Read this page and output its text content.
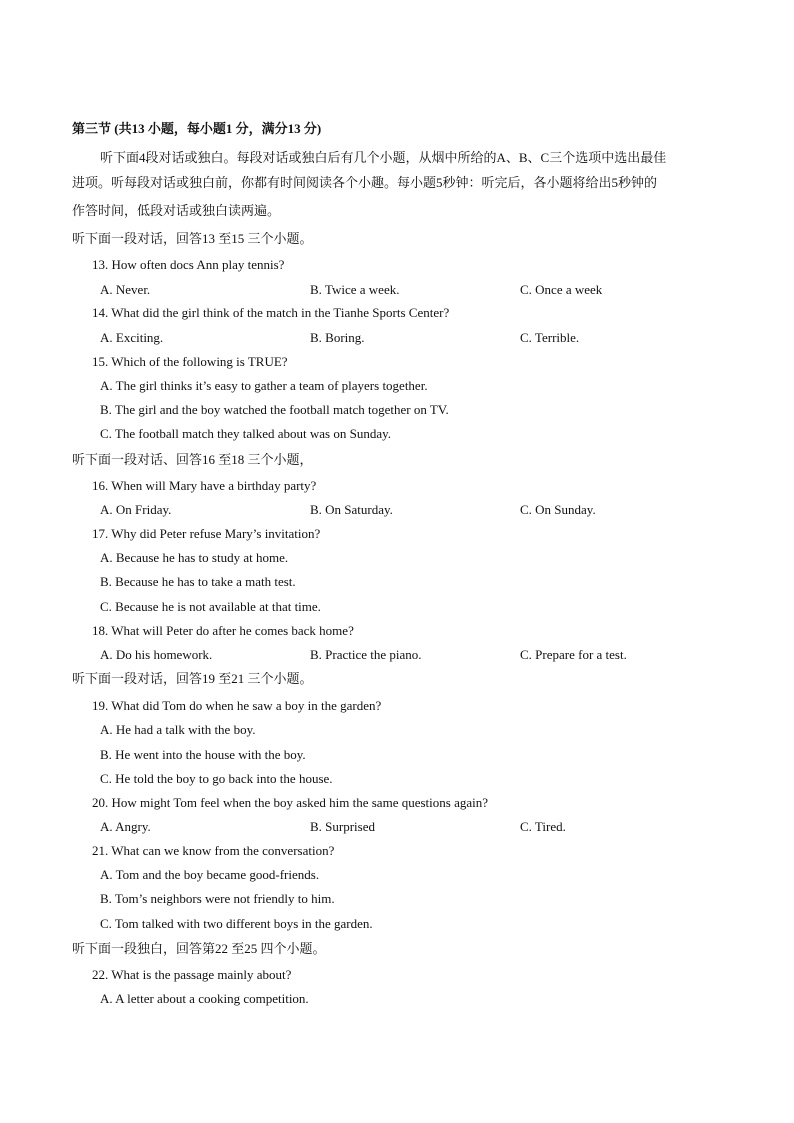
第三节 (共13 小题，每小题1 分，满分13 分)
听下面4段对话或独白。每段对话或独白后有几个小题，从烟中所给的A、B、C三个选项中选出最佳
进项。听每段对话或独白前，你都有时间阅读各个小趣。每小题5秒钟：听完后，各小题将给出5秒钟的
作答时间，低段对话或独白读两遍。
听下面一段对话，回答13 至15 三个小题。
13. How often docs Ann play tennis?
A. Never.	B. Twice a week.	C. Once a week
14. What did the girl think of the match in the Tianhe Sports Center?
A. Exciting.	B. Boring.	C. Terrible.
15. Which of the following is TRUE?
A. The girl thinks it’s easy to gather a team of players together.
B. The girl and the boy watched the football match together on TV.
C. The football match they talked about was on Sunday.
听下面一段对话、回答16 至18 三个小题，
16. When will Mary have a birthday party?
A. On Friday.	B. On Saturday.	C. On Sunday.
17. Why did Peter refuse Mary’s invitation?
A. Because he has to study at home.
B. Because he has to take a math test.
C. Because he is not available at that time.
18. What will Peter do after he comes back home?
A. Do his homework.	B. Practice the piano.	C. Prepare for a test.
听下面一段对话，回答19 至21 三个小题。
19. What did Tom do when he saw a boy in the garden?
A. He had a talk with the boy.
B. He went into the house with the boy.
C. He told the boy to go back into the house.
20. How might Tom feel when the boy asked him the same questions again?
A. Angry.	B. Surprised	C. Tired.
21. What can we know from the conversation?
A. Tom and the boy became good-friends.
B. Tom’s neighbors were not friendly to him.
C. Tom talked with two different boys in the garden.
听下面一段独白，回答第22 至25 四个小题。
22. What is the passage mainly about?
A. A letter about a cooking competition.
